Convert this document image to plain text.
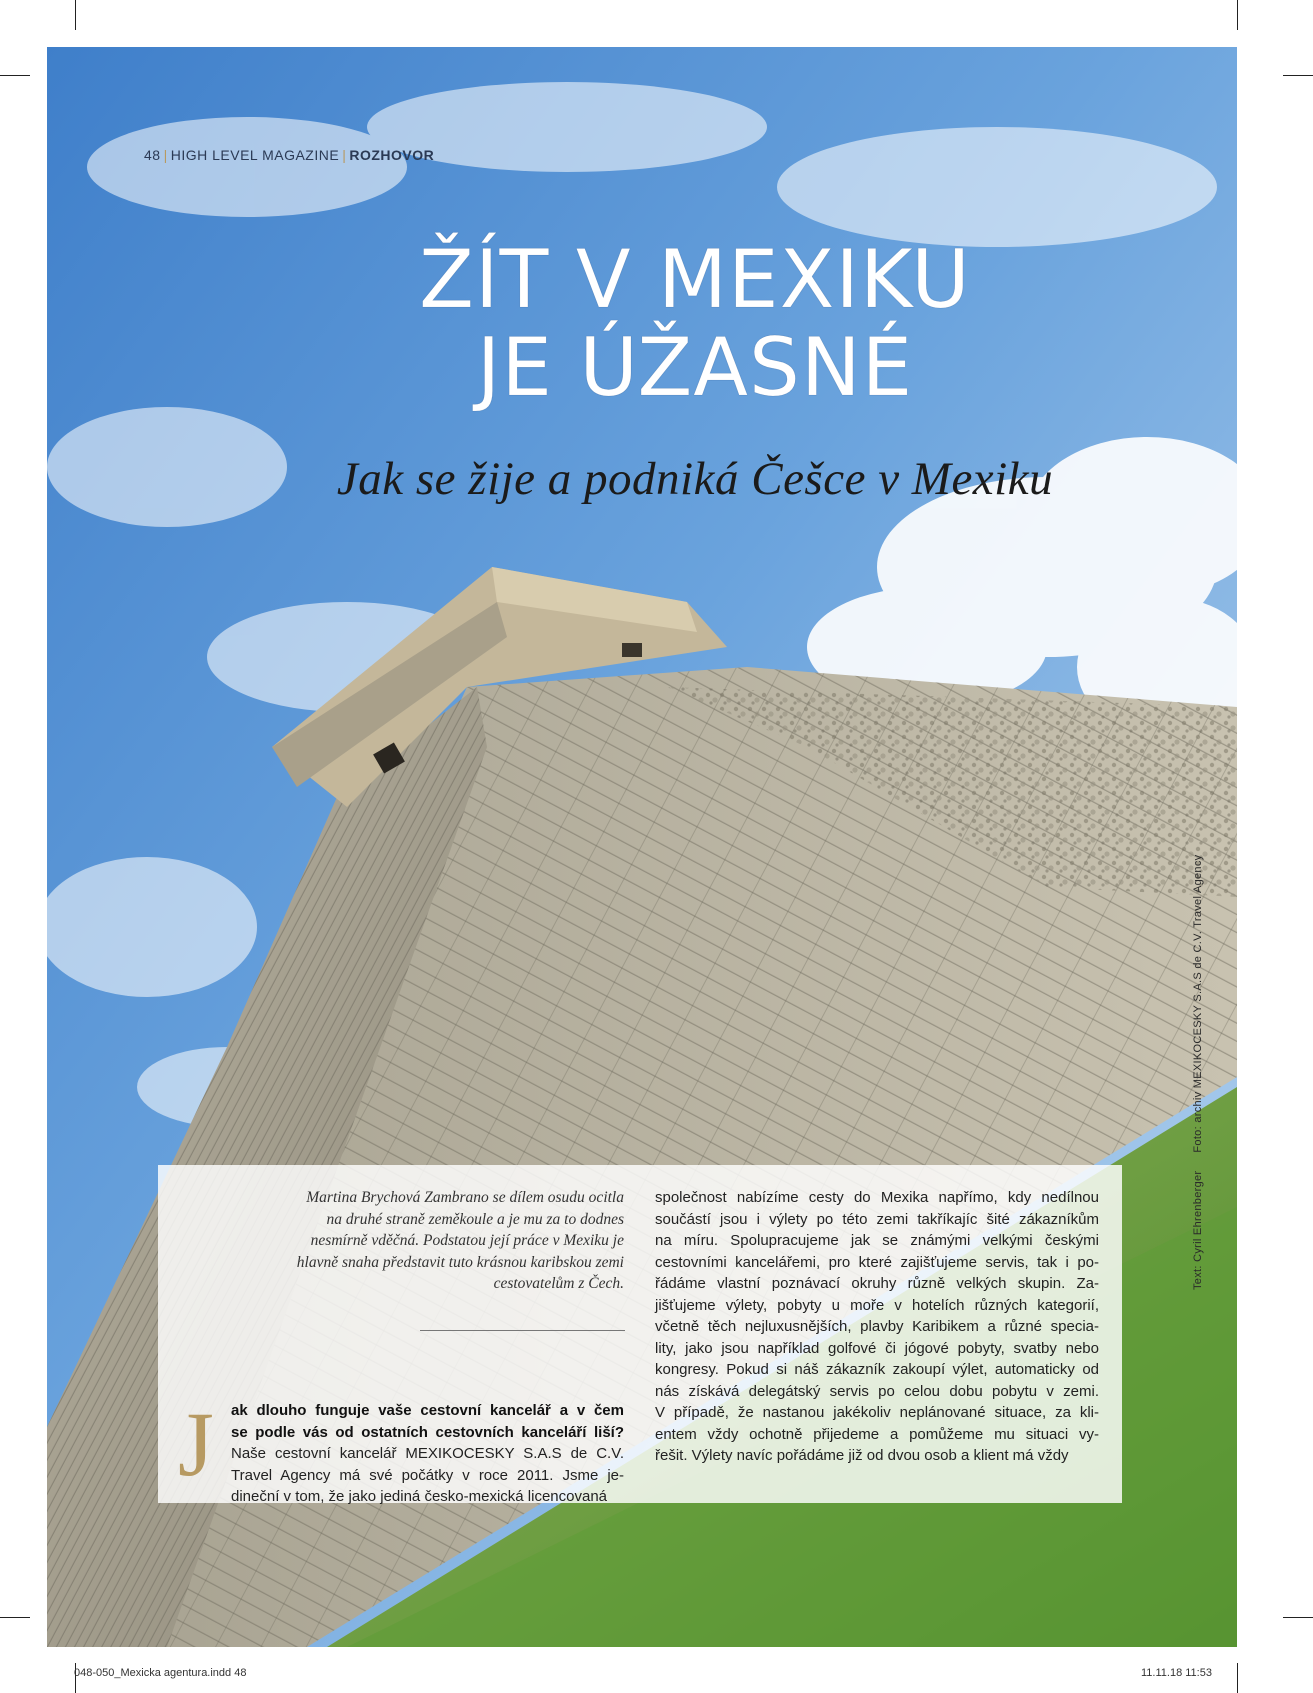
48 | HIGH LEVEL MAGAZINE | ROZHOVOR
ŽÍT V MEXIKU
JE ÚŽASNÉ
Jak se žije a podniká Češce v Mexiku
Martina Brychová Zambrano se dílem osudu ocitla
na druhé straně zeměkoule a je mu za to dodnes
nesmírně vděčná. Podstatou její práce v Mexiku je
hlavně snaha představit tuto krásnou karibskou zemi
cestovatelům z Čech.
J ak dlouho funguje vaše cestovní kancelář a v čem
se podle vás od ostatních cestovních kanceláří liší?
Naše cestovní kancelář MEXIKOCESKY S.A.S de C.V.
Travel Agency má své počátky v roce 2011. Jsme je-
dineční v tom, že jako jediná česko-mexická licencovaná
společnost nabízíme cesty do Mexika napřímo, kdy nedílnou
součástí jsou i výlety po této zemi takříkajíc šité zákazníkům
na míru. Spolupracujeme jak se známými velkými českými
cestovními kancelářemi, pro které zajišťujeme servis, tak i po-
řádáme vlastní poznávací okruhy různě velkých skupin. Za-
jišťujeme výlety, pobyty u moře v hotelích různých kategorií,
včetně těch nejluxusnějších, plavby Karibikem a různé specia-
lity, jako jsou například golfové či jógové pobyty, svatby nebo
kongresy. Pokud si náš zákazník zakoupí výlet, automaticky od
nás získává delegátský servis po celou dobu pobytu v zemi.
V případě, že nastanou jakékoliv neplánované situace, za kli-
entem vždy ochotně přijedeme a pomůžeme mu situaci vy-
řešit. Výlety navíc pořádáme již od dvou osob a klient má vždy
Text: Cyril EhrenbergerFoto: archiv MEXIKOCESKY S.A.S de C.V. Travel Agency
048-050_Mexicka agentura.indd 48	11.11.18 11:53
